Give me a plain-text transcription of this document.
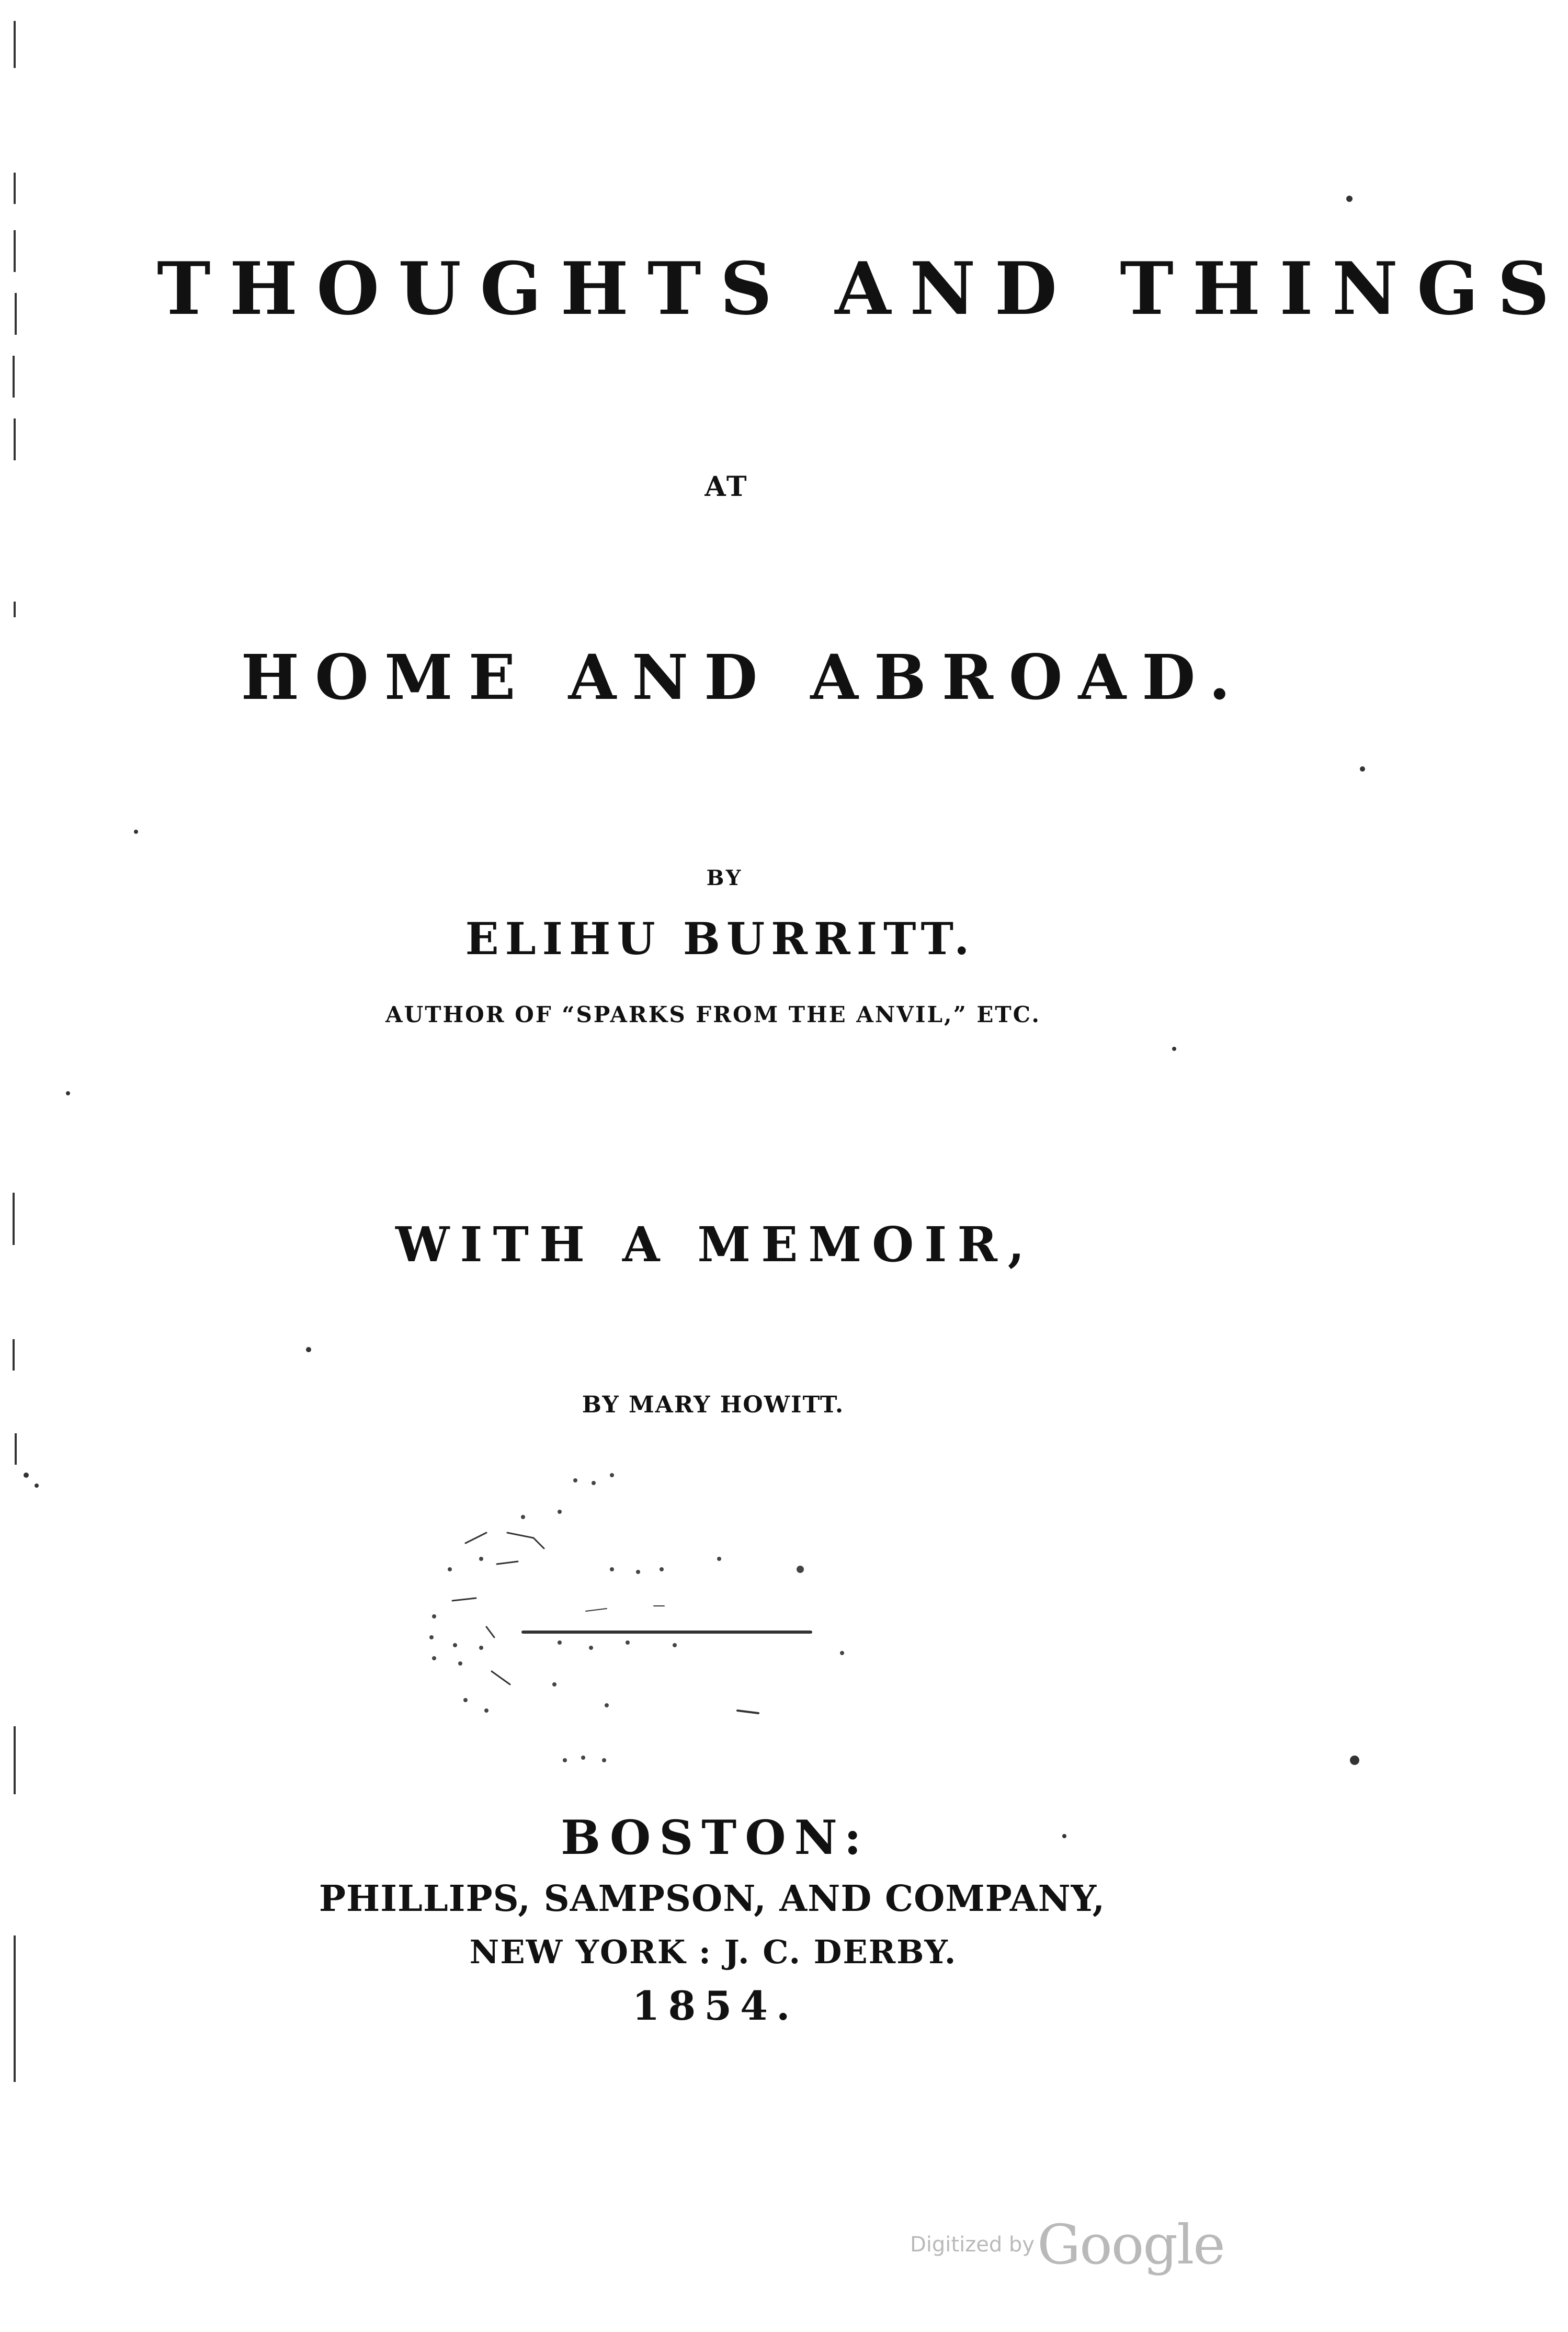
THOUGHTS AND THINGS

AT

HOME AND ABROAD.

BY

ELIHU BURRITT.

AUTHOR OF “SPARKS FROM THE ANVIL,” ETC.

WITH A MEMOIR,

BY MARY HOWITT.

BOSTON:

PHILLIPS, SAMPSON, AND COMPANY,

NEW YORK : J. C. DERBY.

1854.

Digitized by Google
